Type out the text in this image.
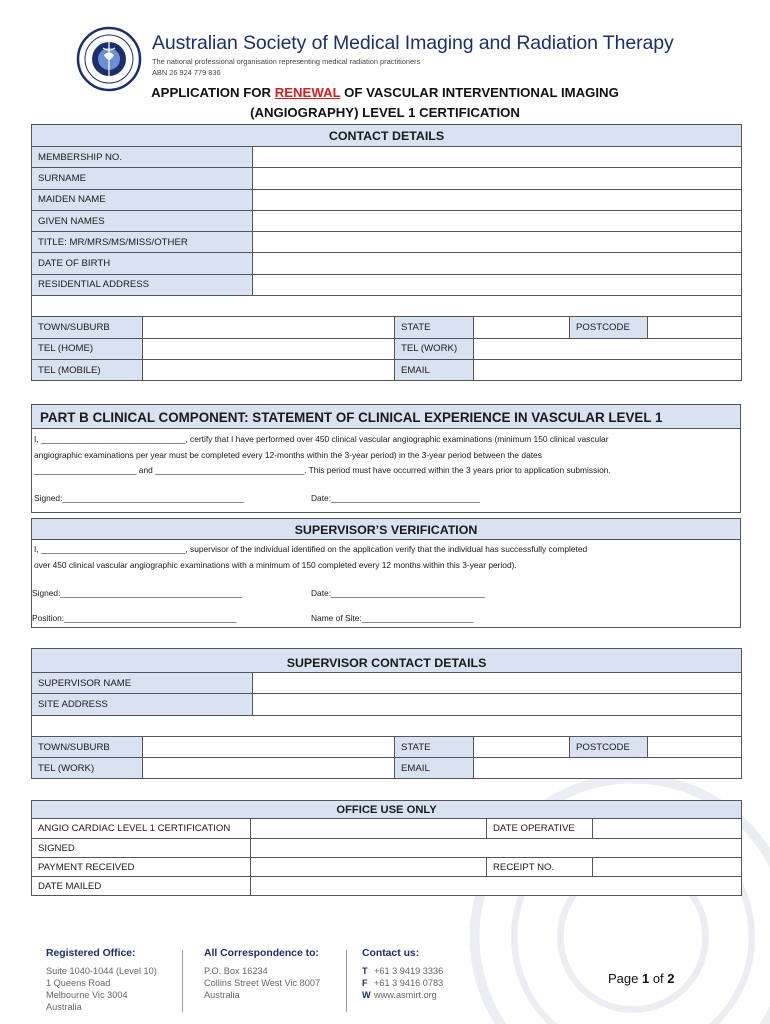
Australian Society of Medical Imaging and Radiation Therapy
The national professional organisation representing medical radiation practitioners
ABN 26 924 779 836
APPLICATION FOR RENEWAL OF VASCULAR INTERVENTIONAL IMAGING
(ANGIOGRAPHY) LEVEL 1 CERTIFICATION
CONTACT DETAILS						
MEMBERSHIP NO.						
SURNAME						
MAIDEN NAME						
GIVEN NAMES						
TITLE: MR/MRS/MS/MISS/OTHER						
DATE OF BIRTH						
RESIDENTIAL ADDRESS						

TOWN/SUBURB			STATE		POSTCODE	
TEL (HOME)			TEL (WORK)			
TEL (MOBILE)			EMAIL			
PART B CLINICAL COMPONENT: STATEMENT OF CLINICAL EXPERIENCE IN VASCULAR LEVEL 1
I, _______________________________, certify that I have performed over 450 clinical vascular angiographic examinations (minimum 150 clinical vascular
angiographic examinations per year must be completed every 12-months within the 3-year period) in the 3-year period between the dates
______________________ and ________________________________. This period must have occurred within the 3 years prior to application submission.
Signed:_______________________________________	Date:________________________________
SUPERVISOR’S VERIFICATION
I, _______________________________, supervisor of the individual identified on the application verify that the individual has successfully completed
over 450 clinical vascular angiographic examinations with a minimum of 150 completed every 12 months within this 3-year period).
Signed:_______________________________________	Date:_________________________________
Position:_____________________________________	Name of Site:________________________
SUPERVISOR CONTACT DETAILS						
SUPERVISOR NAME						
SITE ADDRESS						

TOWN/SUBURB			STATE		POSTCODE	
TEL (WORK)			EMAIL			
OFFICE USE ONLY			
ANGIO CARDIAC LEVEL 1 CERTIFICATION		DATE OPERATIVE	
SIGNED			
PAYMENT RECEIVED		RECEIPT NO.	
DATE MAILED			
Registered Office:
Suite 1040-1044 (Level 10)
1 Queens Road
Melbourne Vic 3004
Australia
All Correspondence to:
P.O. Box 16234
Collins Street West Vic 8007
Australia
Contact us:
T +61 3 9419 3336
F +61 3 9416 0783
W www.asmirt.org
Page 1 of 2
